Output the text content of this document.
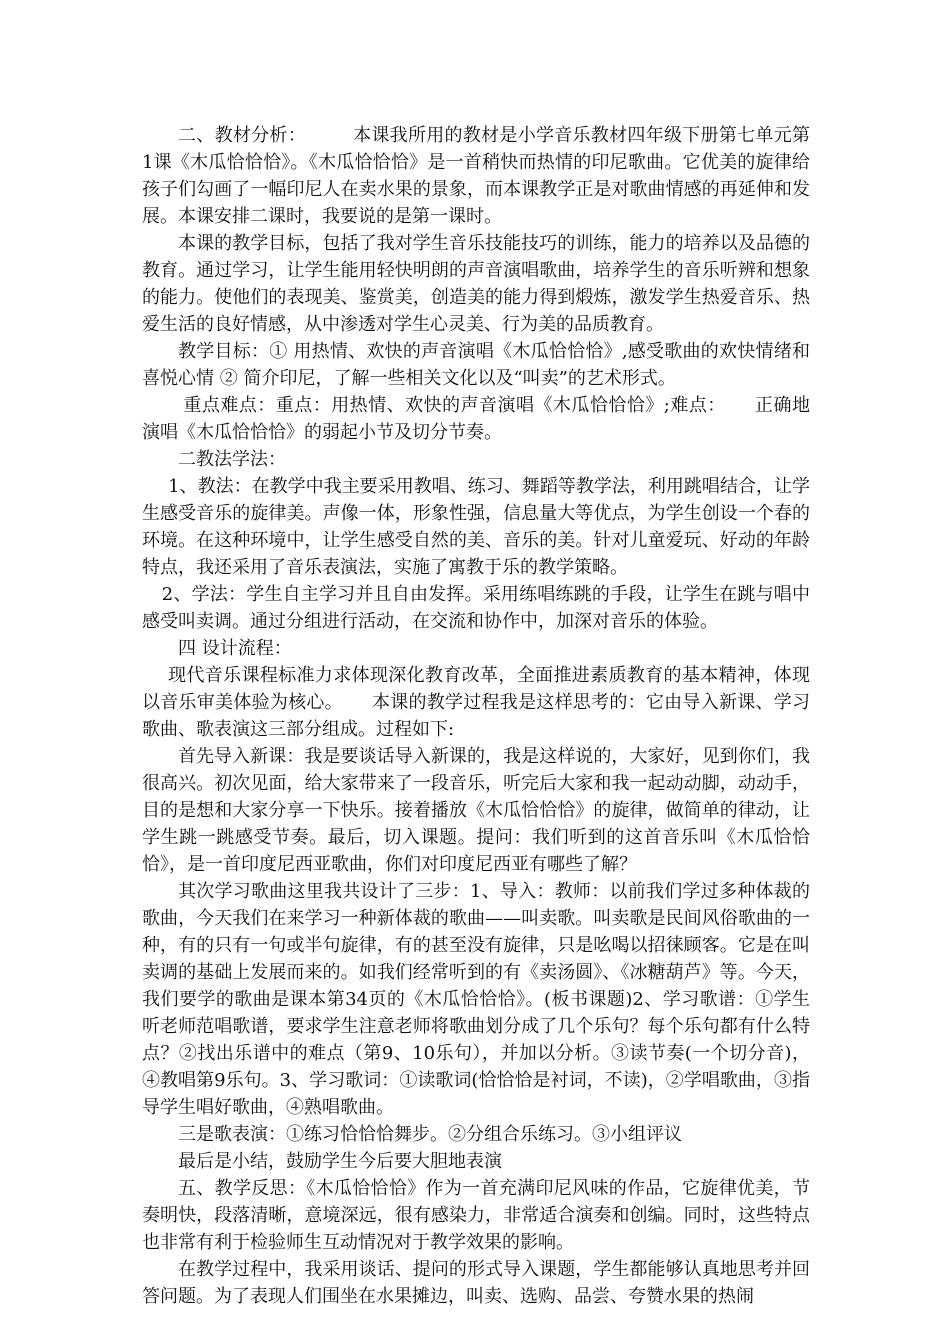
二、教材分析：	本课我所用的教材是小学音乐教材四年级下册第七单元第1课《木瓜恰恰恰》。《木瓜恰恰恰》是一首稍快而热情的印尼歌曲。它优美的旋律给孩子们勾画了一幅印尼人在卖水果的景象，而本课教学正是对歌曲情感的再延伸和发展。本课安排二课时，我要说的是第一课时。

本课的教学目标，包括了我对学生音乐技能技巧的训练，能力的培养以及品德的教育。通过学习，让学生能用轻快明朗的声音演唱歌曲，培养学生的音乐听辨和想象的能力。使他们的表现美、鉴赏美，创造美的能力得到煅炼，激发学生热爱音乐、热爱生活的良好情感，从中渗透对学生心灵美、行为美的品质教育。

教学目标：① 用热情、欢快的声音演唱《木瓜恰恰恰》,感受歌曲的欢快情绪和喜悦心情 ② 简介印尼，了解一些相关文化以及“叫卖”的艺术形式。

重点难点：重点：用热情、欢快的声音演唱《木瓜恰恰恰》;难点： 正确地演唱《木瓜恰恰恰》的弱起小节及切分节奏。

二教法学法：

1、教法：在教学中我主要采用教唱、练习、舞蹈等教学法，利用跳唱结合，让学生感受音乐的旋律美。声像一体，形象性强，信息量大等优点，为学生创设一个春的环境。在这种环境中，让学生感受自然的美、音乐的美。针对儿童爱玩、好动的年龄特点，我还采用了音乐表演法，实施了寓教于乐的教学策略。

2、学法：学生自主学习并且自由发挥。采用练唱练跳的手段，让学生在跳与唱中感受叫卖调。通过分组进行活动，在交流和协作中，加深对音乐的体验。

四 设计流程：

现代音乐课程标准力求体现深化教育改革，全面推进素质教育的基本精神，体现以音乐审美体验为核心。 本课的教学过程我是这样思考的：它由导入新课、学习歌曲、歌表演这三部分组成。过程如下:

首先导入新课：我是要谈话导入新课的，我是这样说的，大家好，见到你们，我很高兴。初次见面，给大家带来了一段音乐，听完后大家和我一起动动脚，动动手，目的是想和大家分享一下快乐。接着播放《木瓜恰恰恰》的旋律，做简单的律动，让学生跳一跳感受节奏。最后，切入课题。提问：我们听到的这首音乐叫《木瓜恰恰恰》，是一首印度尼西亚歌曲，你们对印度尼西亚有哪些了解？

其次学习歌曲这里我共设计了三步：1、导入：教师：以前我们学过多种体裁的歌曲，今天我们在来学习一种新体裁的歌曲——叫卖歌。叫卖歌是民间风俗歌曲的一种，有的只有一句或半句旋律，有的甚至没有旋律，只是吆喝以招徕顾客。它是在叫卖调的基础上发展而来的。如我们经常听到的有《卖汤圆》、《冰糖葫芦》等。今天，我们要学的歌曲是课本第34页的《木瓜恰恰恰》。(板书课题)2、学习歌谱：①学生听老师范唱歌谱，要求学生注意老师将歌曲划分成了几个乐句？每个乐句都有什么特点？②找出乐谱中的难点（第9、10乐句），并加以分析。③读节奏(一个切分音)，④教唱第9乐句。3、学习歌词：①读歌词(恰恰恰是衬词，不读)，②学唱歌曲，③指导学生唱好歌曲，④熟唱歌曲。

三是歌表演：①练习恰恰恰舞步。②分组合乐练习。③小组评议

最后是小结，鼓励学生今后要大胆地表演

五、教学反思：《木瓜恰恰恰》作为一首充满印尼风味的作品，它旋律优美，节奏明快，段落清晰，意境深远，很有感染力，非常适合演奏和创编。同时，这些特点也非常有利于检验师生互动情况对于教学效果的影响。

在教学过程中，我采用谈话、提问的形式导入课题，学生都能够认真地思考并回答问题。为了表现人们围坐在水果摊边，叫卖、选购、品尝、夸赞水果的热闹
